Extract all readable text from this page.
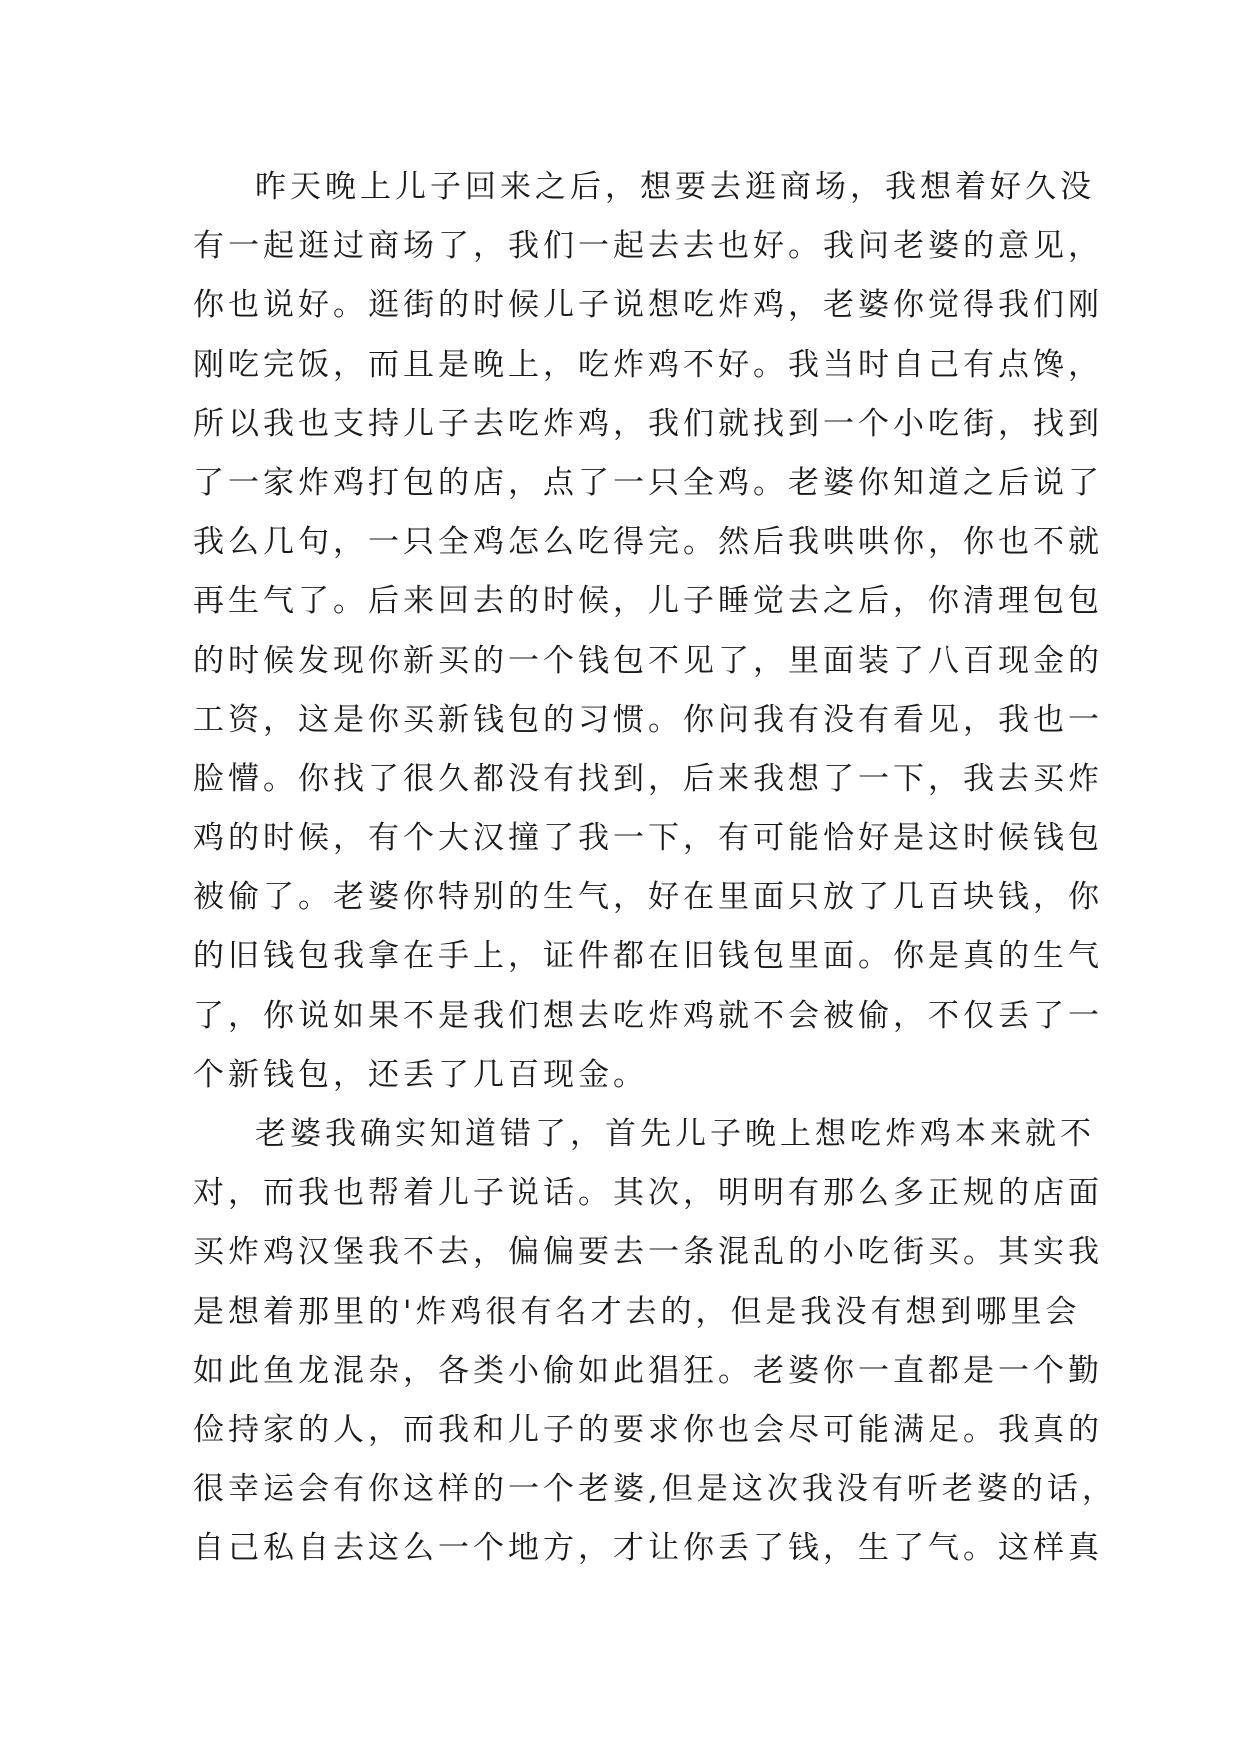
昨天晚上儿子回来之后，想要去逛商场，我想着好久没
有一起逛过商场了，我们一起去去也好。我问老婆的意见，
你也说好。逛街的时候儿子说想吃炸鸡，老婆你觉得我们刚
刚吃完饭，而且是晚上，吃炸鸡不好。我当时自己有点馋，
所以我也支持儿子去吃炸鸡，我们就找到一个小吃街，找到
了一家炸鸡打包的店，点了一只全鸡。老婆你知道之后说了
我么几句，一只全鸡怎么吃得完。然后我哄哄你，你也不就
再生气了。后来回去的时候，儿子睡觉去之后，你清理包包
的时候发现你新买的一个钱包不见了，里面装了八百现金的
工资，这是你买新钱包的习惯。你问我有没有看见，我也一
脸懵。你找了很久都没有找到，后来我想了一下，我去买炸
鸡的时候，有个大汉撞了我一下，有可能恰好是这时候钱包
被偷了。老婆你特别的生气，好在里面只放了几百块钱，你
的旧钱包我拿在手上，证件都在旧钱包里面。你是真的生气
了，你说如果不是我们想去吃炸鸡就不会被偷，不仅丢了一
个新钱包，还丢了几百现金。
老婆我确实知道错了，首先儿子晚上想吃炸鸡本来就不
对，而我也帮着儿子说话。其次，明明有那么多正规的店面
买炸鸡汉堡我不去，偏偏要去一条混乱的小吃街买。其实我
是想着那里的'炸鸡很有名才去的，但是我没有想到哪里会
如此鱼龙混杂，各类小偷如此猖狂。老婆你一直都是一个勤
俭持家的人，而我和儿子的要求你也会尽可能满足。我真的
很幸运会有你这样的一个老婆,但是这次我没有听老婆的话，
自己私自去这么一个地方，才让你丢了钱，生了气。这样真
